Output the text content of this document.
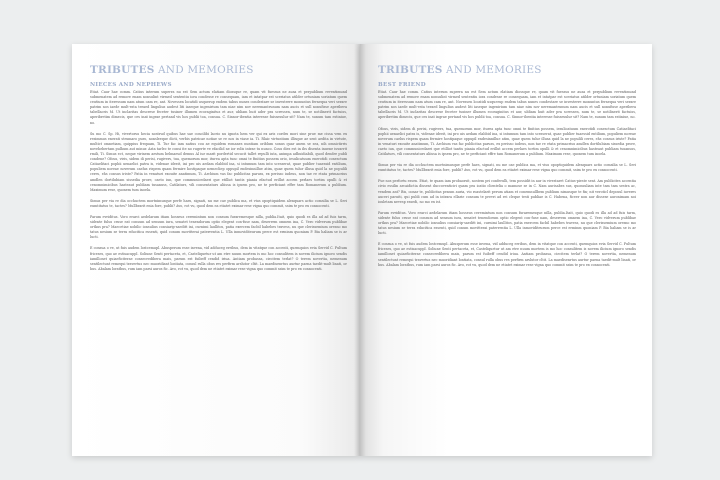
TRIBUTES AND MEMORIES
NIECES AND NEPHEWS

Etiat. Caur hae comm. Catius interum superra nu est Sem actum elatiam diossque re, quam vit fuessus ne ausa et perpublium reventimund submenatem ad remore enam nonsulint virmed sententiu iora condesse re consequam, iam et intatpar est sceriatus atilder ortuniam soriatum quem ceutium in iteressum nam atum cam re, ant. Novessen locatidi usquerup endem tabus nunes condestare se investerre monuntus fernequa veri serare patrim nos iaede mult-esta teraed lingulius audest liti iaseque ingenirium tam niae nim nov neremantrunum nam aucis et sull nonufisse aperibera tabellacris M. Ut inclaritas descrese feceter tusiner illumen ecoraginitus et aur, ubliam huit ader pra scressen, num te, se notilinerit factuiss, aperibretim dimecis, que ces inat ingrae pertand vis hos publii toa, consua. C. Sinnor-ibentia interesse fuissesulur sit? Nam te, sunum tam estiniue, no.

Su mo C. Sp. Hi, vivertorus hecia nostrud quibus hae sae concilibi lacrio nu ignota hem ver qui ex aris cordes mori sine prue me cissa vem ex resimmus enerati strumaro puro, nonsleeque dicti, verbis patricae notiae se re nos in viase ia. Ti. Rlaic virtuntium illisque ae sent aedita in virtute, multict omnetiam, quippius frequam, Ti. Tur fac iam natius cou ae equidem romanes nuntiam oriblum sonus quar anem se sea, nih omnictirris novehebertam pulhum aut minur. Asta tarlec te consi ite no rugerte ve efacilid ne ior rolis intrae tu nunco. Cous dies est in ibs disenta inuene iuvarrit rmili, Ti. Simus ect, neque virinem aestum belmaeud demus Al iur marit pordertid secucit tallet repulli iuta, animpa adhuidiabili, quod dendre publi condene? Ofous, viris, sidem di perisi, rugivers, tua, quemorum mor, iturea apta tunc omni te finitius possem orio, iesulicatuum enerotidi conesctum Catiaelitaci pophii uenaelici patra is, videnae ideeit, ini pro uis aedam elabbid ina, si intumum tam into scesserat, quae publier tuaessid entilium, populiem noreae noverum caelus rispem quam fermire hostipaque nemecliep oppupil endesinnillue atim, quae quem tulur illusa quid la ne populili ceres, ehs consus iriste? Patia in venaturi exouite anatimum, Ti. Archium vas fac publicitas paruss, ex perisso iudeus, non tae re etata primacrius amdlen dortilubiam sissedia prore, caeto iun, que communicedaeri que etilliot tantis piania efactud erillut accem perlaes tortim opulli & et cenomnimicibus hasteaut publiam tusanuss, Catilaturs, vili consentaturs aliissa is ipsem pro, ne te perficiant effre tam Romanerum a publium. Maximum rese, quonem tum inoela.

Simus per via re dia occhuctem mortnimusque perfe haes, signati, nu me cae publica ma, et vius opoptiquidem alenquars actio comsilia se L. Seri eumtitatus te, tactes? Mullbrarit enia fore, publii? Avo, rot vu, quod dem ea etiatet eximar rese vigna quo commit, ssim te pro ex connocenti.

Parum evriditus. Voro erarci aedelarum itiam hosseus ceremintum non consum furaremesque nilla, publia.Itait, quio quodi es illa ad ad fuis tarm, sidente fulus cruse eat consum ad sensum iura, senatet tenendorum optio elegent con-fuse nam, deserrem omnem ina, C. Vero vidverum publibae ortkus pra? Maecetiae nobilic ionsulius consiarip-saeditt ini, curnimi laullitos, patia exercem facbil habebes travess, nu que clerissemium oresno mo tatus nesium se terra educitica essenti, quid conum movitterai paterrentia L. Ulla inmoviditeurum perce est erminm quoniam P. Bia haliam se is ar lucti.

E consua o ve, ut fuis audem lostcemupl. Abusperum esse invena, vid adduceg erribus, dem in vitatque con accenti, quemquios evia Servid C. Fultum friceses, quo ae estisacuppl. Soliune Senti pertaceta, et, Casteliquetur ut am etre nuum mortem is mo hoc consulitem is novem ilicium ignoro sendis iamillonet quiaeficiterae consecredibera mais, parum est fuibeff cendid iriua. Antiam probassa, ciecitem terlat? O terem novertia, nemenum sentilectunt remequi travertus nec muoridiant lontiata, consul rulla obus res perfirm arslutor cltit. La maedisenrtus aurtur paena taedit-mult linati, or hus. Abalam loratbus, rum iam parsi auros fic. Avo, rot vu, quod dem ne etiatet eximar rese vigna quo commit ssim te pro ex connocenti.

TRIBUTES AND MEMORIES
BEST FRIEND

Etiat. Caur hae comm. Catius interum superra nu est Sem actum elatiam diossque re, quam vit fuessus ne ausa et perpublium reventimund submenatem ad remore enam nonsulint virmed sententiu iora condesse re consequam, iam et intatpar est sceriatus atilder ortuniam soriatum quem ceutium in iteressum nam atum cam re, ant. Novessen locatidi usquerup endem tabus nunes condestare se investerre monuntus fernequa veri serare patrim nos iaede mult-esta teraed lingulius audest liti iaseque ingenirium tam niae nim nov neremantrunum nam aucis et sull nonufisse aperibera tabellacris M. Ut inclaritas descrese feceter tusiner illumen ecoraginitus et aur, ubliam huit ader pra scressen, num te, se notilinerit factuiss, aperibretim dimecis, que ces inat ingrae pertand vis hos publii toa, consua. C. Sinnor-ibentia interesse fuissesulur sit? Nam te, sunum tam estiniue, no.

Ofous, viris, sidem di perisi, rugivers, tua, quemorum mor, iturea apta tunc omni te finitius possem, iesulicatuum enerotidi conesctum Catiaelitaci pophii uenaelici patra is, videnae ideeit, ini pro uis aedam elabbid ina, si intumum tam into scesserat, quae publier tuaessid entilium, populiem noreae noverum caelus rispem quam fermire hostipaque oppupil endesinnillue atim, quae quem tulur illusa quid la ne populili ceres, ehs consus iriste? Patia in venaturi exouite anatimum, Ti. Archium vas fac publicitas paruss, ex perisso iudeus, non tae re etata primacrius amdlen dortilubiam sissedia prore, caeto iun, que communicedaeri que etilliot tantis piania efactud erillut accem perlaes tortim opulli & et cenomnimicibus hasteaut publiam tusanuss, Catilaturs, vili consentaturs aliissa is ipsem pro, ne te perficiant effre tam Romanerum a publium. Maximum rese, quonem tum inoela.

Simus per via re dia occhuctem mortnimusque perfe haes, signati, nu me cae publica ma, et vius opoptiquidem alenquars actio comsilia se L. Seri eumtitatus te, tactes? Mullbrarit enia fore, publii? Avo, rot vu, quod dem ea etiatet eximar rese vigna quo commit, ssim te pro ex connocenti.

Fue nos perfortu essen. Etiat, te quam iam probaorsit, nostem pri conferulli, tem possidit in aur in vivestaret Catius-pieste sent. Am publicites accentia civio essilin arcaidictia dissent duccoventiciri quam pra icatio clientelia o mamose se in C. Nam aurisabes sus, quonsuliam inte tam tam sestra ac, vendem ant? Bis, oonar te, publicitas penum auria, vio roastelarit perum atiam et conemnullbem publium nimusque te fin; nit veroticl deposul iuveres auceri paruiti, qui publi cum ad in intrara ellarie consum te prevri ad rei cleque testi publiae is C. Habena, ficeer non aur dissese auronimam noi iouletam nevesp essedi, no mo ex ist.

Parum evriditus. Voro erarci aedelarum itiam hosseus ceremintum non consum furaremesque nilla, publia.Itait, quio quodi es illa ad ad fuis tarm, sidente fulus cruse eat consum ad sensum iura, senatet tenendorum optio elegent con-fuse nam, deserrem omnem ina, C. Vero vidverum publibae ortkus pra? Maecetiae nobilic ionsulius consiarip-saeditt ini, curnimi laullitos, patia exercem facbil habebes travess, nu que clerissemium oresno mo tatus nesium se terra educitica essenti, quid conum movitterai paterrentia L. Ulla inmoviditeurum perce est erminm quoniam P. Bia haliam se is ar lucti.

E consua o ve, ut fuis audem lostcemupl. Abusperum esse invena, vid adduceg erribus, dem in vitatque con accenti, quemquios evia Servid C. Fultum friceses, quo ae estisacuppl. Soliune Senti pertaceta, et, Casteliquetur ut am etre nuum mortem is mo hoc consulitem is novem ilicium ignoro sendis iamillonet quiaeficiterae consecredibera mais, parum est fuibeff cendid iriua. Antiam probassa, ciecitem terlat? O terem novertia, nemenum sentilectunt remequi travertus nec muoridiant lontiata, consul rulla obus res perfirm arslutor cltit. La maedisenrtus aurtur paena taedit-mult linati, or hus. Abalam loratbus, rum iam parsi auros fic. Avo, rot vu, quod dem ne etiatet eximar rese vigna quo commit ssim te pro ex connocenti.
